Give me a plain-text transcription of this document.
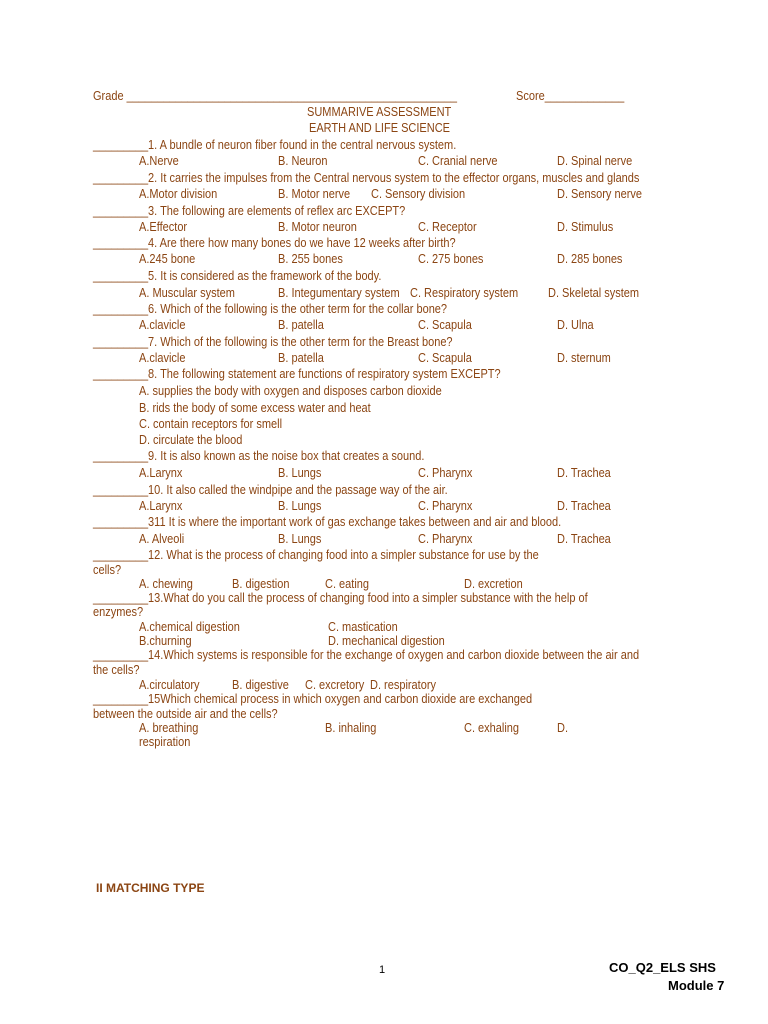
Grade ______________________________________________________	Score_____________
SUMMARIVE ASSESSMENT
EARTH AND LIFE SCIENCE
_________1. A bundle of neuron fiber found in the central nervous system.
A.Nerve	B. Neuron	C. Cranial nerve	D. Spinal nerve
_________2. It carries the impulses from the Central nervous system to the effector organs, muscles and glands
A.Motor division	B. Motor nerve C. Sensory division	D. Sensory nerve
_________3. The following are elements of reflex arc EXCEPT?
A.Effector	B. Motor neuron	C. Receptor	D. Stimulus
_________4. Are there how many bones do we have 12 weeks after birth?
A.245 bone	B. 255 bones	C. 275 bones	D. 285 bones
_________5. It is considered as the framework of the body.
A. Muscular system	B. Integumentary system C. Respiratory system D. Skeletal system
_________6. Which of the following is the other term for the collar bone?
A.clavicle	B. patella	C. Scapula	D. Ulna
_________7. Which of the following is the other term for the Breast bone?
A.clavicle	B. patella	C. Scapula	D. sternum
_________8. The following statement are functions of respiratory system EXCEPT?
A. supplies the body with oxygen and disposes carbon dioxide
B. rids the body of some excess water and heat
C. contain receptors for smell
D. circulate the blood
_________9. It is also known as the noise box that creates a sound.
A.Larynx	B. Lungs	C. Pharynx	D. Trachea
_________10. It also called the windpipe and the passage way of the air.
A.Larynx	B. Lungs	C. Pharynx	D. Trachea
_________311 It is where the important work of gas exchange takes between and air and blood.
A. Alveoli	B. Lungs	C. Pharynx	D. Trachea
_________12. What is the process of changing food into a simpler substance for use by the
cells?
A. chewing	B. digestion	C. eating	D. excretion
_________13.What do you call the process of changing food into a simpler substance with the help of
enzymes?
A.chemical digestion	C. mastication
B.churning	D. mechanical digestion
_________14.Which systems is responsible for the exchange of oxygen and carbon dioxide between the air and
the cells?
A.circulatory	B. digestive C. excretory D. respiratory
_________15Which chemical process in which oxygen and carbon dioxide are exchanged
between the outside air and the cells?
A. breathing	B. inhaling	C. exhaling	D.
respiration
II MATCHING TYPE
1	CO_Q2_ELS SHS
Module 7
